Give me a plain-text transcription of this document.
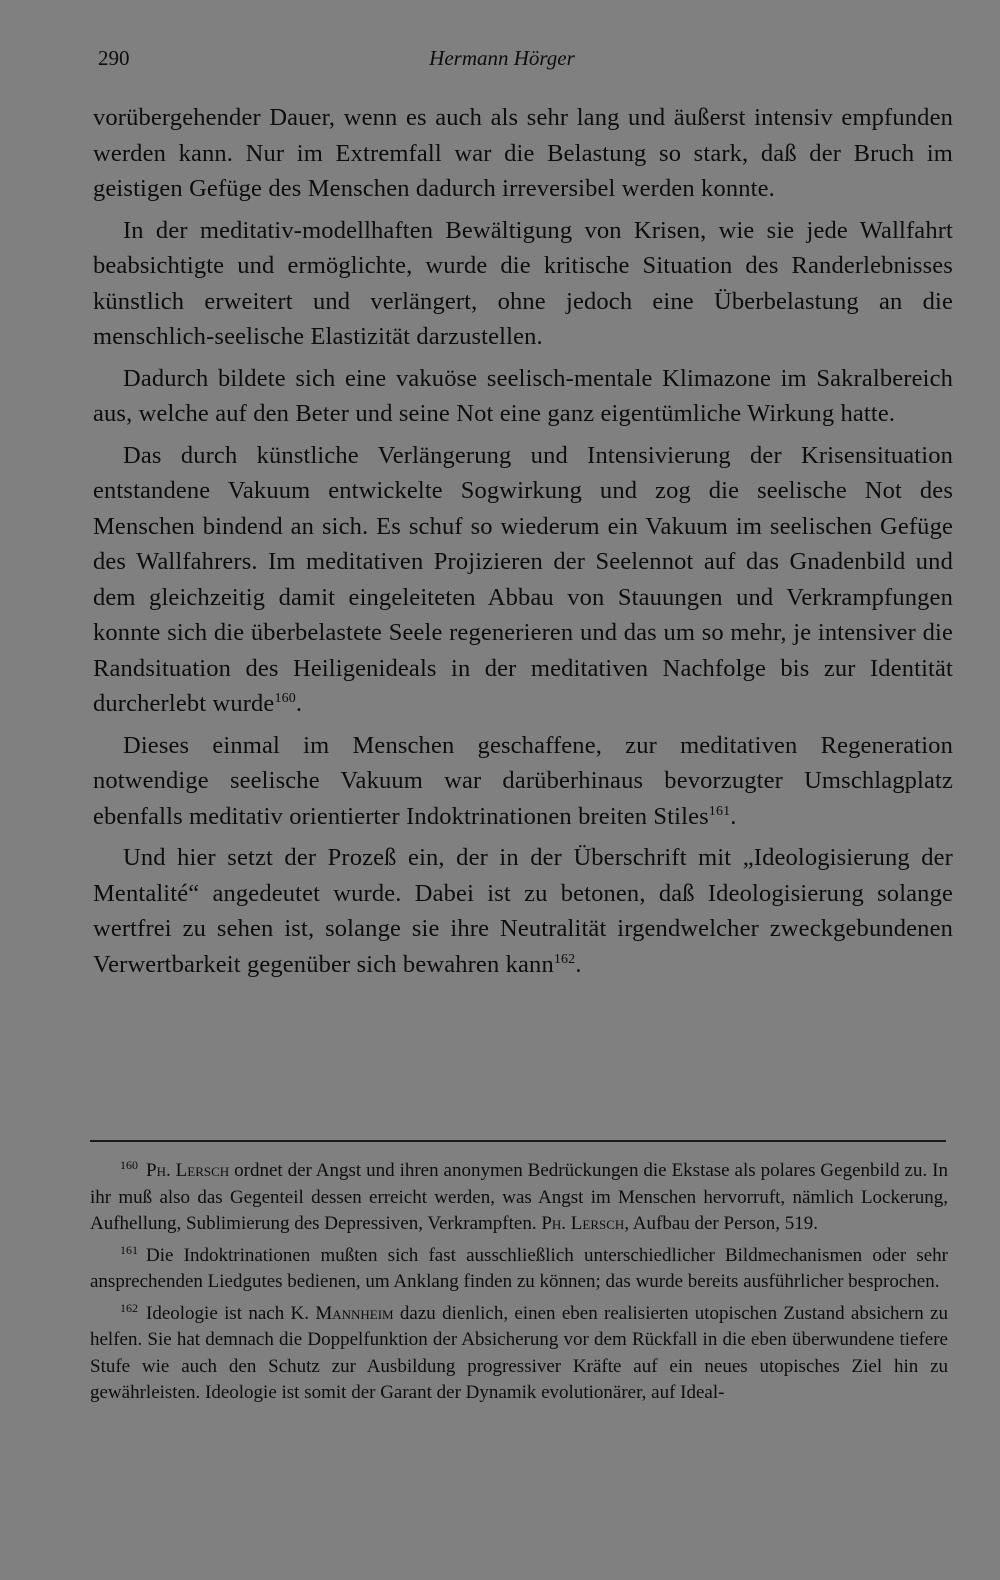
290	Hermann Hörger

vorübergehender Dauer, wenn es auch als sehr lang und äußerst intensiv empfunden werden kann. Nur im Extremfall war die Belastung so stark, daß der Bruch im geistigen Gefüge des Menschen dadurch irreversibel werden konnte.

In der meditativ-modellhaften Bewältigung von Krisen, wie sie jede Wallfahrt beabsichtigte und ermöglichte, wurde die kritische Situation des Randerlebnisses künstlich erweitert und verlängert, ohne jedoch eine Überbelastung an die menschlich-seelische Elastizität darzustellen.

Dadurch bildete sich eine vakuöse seelisch-mentale Klimazone im Sakralbereich aus, welche auf den Beter und seine Not eine ganz eigentümliche Wirkung hatte.

Das durch künstliche Verlängerung und Intensivierung der Krisensituation entstandene Vakuum entwickelte Sogwirkung und zog die seelische Not des Menschen bindend an sich. Es schuf so wiederum ein Vakuum im seelischen Gefüge des Wallfahrers. Im meditativen Projizieren der Seelennot auf das Gnadenbild und dem gleichzeitig damit eingeleiteten Abbau von Stauungen und Verkrampfungen konnte sich die überbelastete Seele regenerieren und das um so mehr, je intensiver die Randsituation des Heiligenideals in der meditativen Nachfolge bis zur Identität durcherlebt wurde$^{160}$.

Dieses einmal im Menschen geschaffene, zur meditativen Regeneration notwendige seelische Vakuum war darüberhinaus bevorzugter Umschlagplatz ebenfalls meditativ orientierter Indoktrinationen breiten Stiles$^{161}$.

Und hier setzt der Prozeß ein, der in der Überschrift mit „Ideologisierung der Mentalité“ angedeutet wurde. Dabei ist zu betonen, daß Ideologisierung solange wertfrei zu sehen ist, solange sie ihre Neutralität irgendwelcher zweckgebundenen Verwertbarkeit gegenüber sich bewahren kann$^{162}$.

$^{160}$ Ph. Lersch ordnet der Angst und ihren anonymen Bedrückungen die Ekstase als polares Gegenbild zu. In ihr muß also das Gegenteil dessen erreicht werden, was Angst im Menschen hervorruft, nämlich Lockerung, Aufhellung, Sublimierung des Depressiven, Verkrampften. Ph. Lersch, Aufbau der Person, 519.

$^{161}$ Die Indoktrinationen mußten sich fast ausschließlich unterschiedlicher Bildmechanismen oder sehr ansprechenden Liedgutes bedienen, um Anklang finden zu können; das wurde bereits ausführlicher besprochen.

$^{162}$ Ideologie ist nach K. Mannheim dazu dienlich, einen eben realisierten utopischen Zustand absichern zu helfen. Sie hat demnach die Doppelfunktion der Absicherung vor dem Rückfall in die eben überwundene tiefere Stufe wie auch den Schutz zur Ausbildung progressiver Kräfte auf ein neues utopisches Ziel hin zu gewährleisten. Ideologie ist somit der Garant der Dynamik evolutionärer, auf Ideal-
